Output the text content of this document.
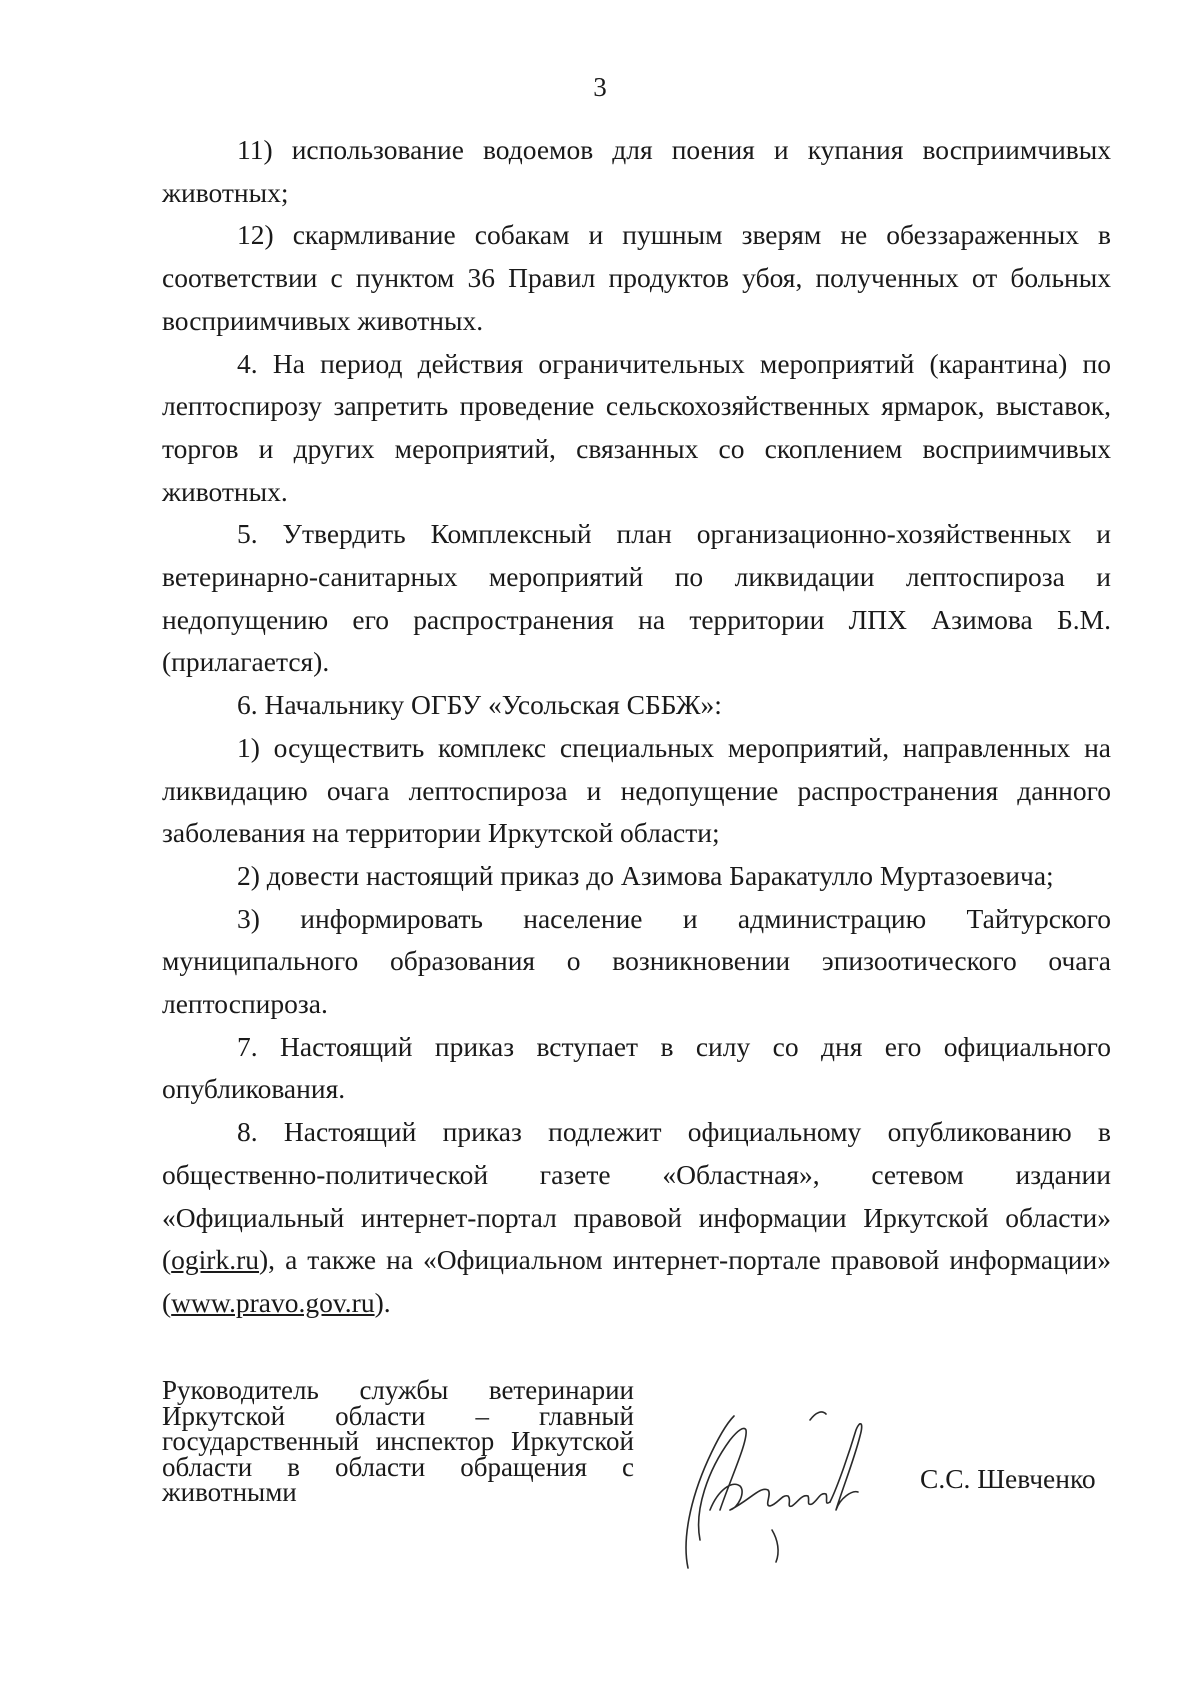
3

11) использование водоемов для поения и купания восприимчивых животных;

12) скармливание собакам и пушным зверям не обеззараженных в соответствии с пунктом 36 Правил продуктов убоя, полученных от больных восприимчивых животных.

4. На период действия ограничительных мероприятий (карантина) по лептоспирозу запретить проведение сельскохозяйственных ярмарок, выставок, торгов и других мероприятий, связанных со скоплением восприимчивых животных.

5. Утвердить Комплексный план организационно-хозяйственных и ветеринарно-санитарных мероприятий по ликвидации лептоспироза и недопущению его распространения на территории ЛПХ Азимова Б.М. (прилагается).

6. Начальнику ОГБУ «Усольская СББЖ»:

1) осуществить комплекс специальных мероприятий, направленных на ликвидацию очага лептоспироза и недопущение распространения данного заболевания на территории Иркутской области;

2) довести настоящий приказ до Азимова Баракатулло Муртазоевича;

3) информировать население и администрацию Тайтурского муниципального образования о возникновении эпизоотического очага лептоспироза.

7. Настоящий приказ вступает в силу со дня его официального опубликования.

8. Настоящий приказ подлежит официальному опубликованию в общественно-политической газете «Областная», сетевом издании «Официальный интернет-портал правовой информации Иркутской области» (ogirk.ru), а также на «Официальном интернет-портале правовой информации» (www.pravo.gov.ru).

Руководитель службы ветеринарии Иркутской области – главный государственный инспектор Иркутской области в области обращения с животными	С.С. Шевченко
